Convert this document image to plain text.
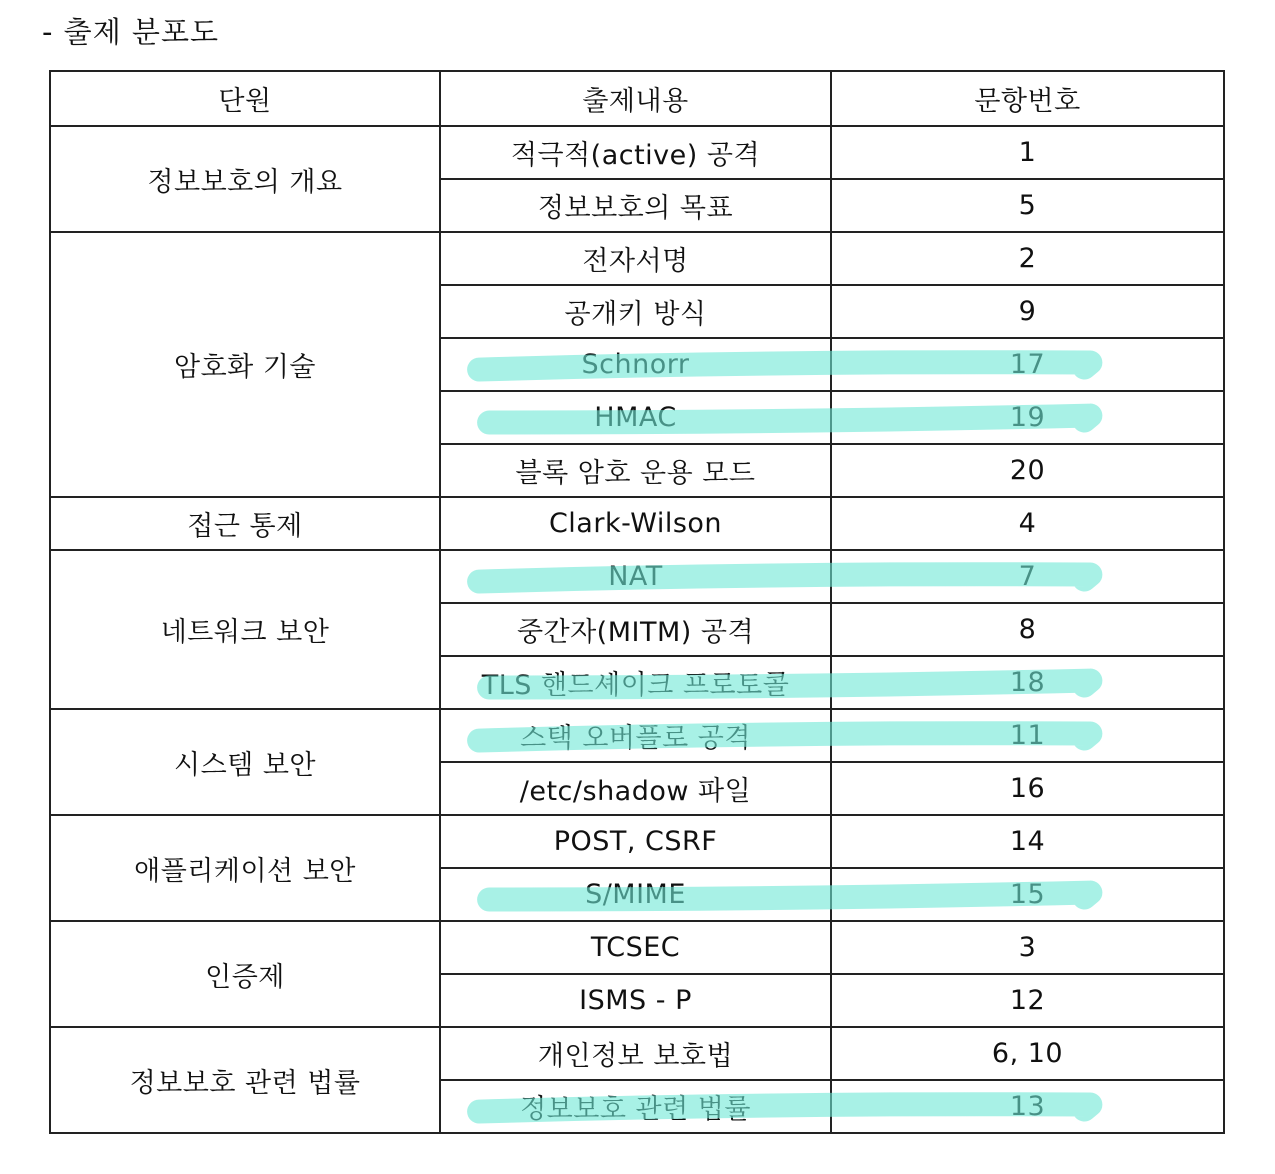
- 출제 분포도
단원	출제내용	문항번호
정보보호의 개요	적극적(active) 공격	1
	정보보호의 목표	5
암호화 기술	전자서명	2
	공개키 방식	9
	Schnorr	17
	HMAC	19
	블록 암호 운용 모드	20
접근 통제	Clark-Wilson	4
네트워크 보안	NAT	7
	중간자(MITM) 공격	8
	TLS 핸드셰이크 프로토콜	18
시스템 보안	스택 오버플로 공격	11
	/etc/shadow 파일	16
애플리케이션 보안	POST, CSRF	14
	S/MIME	15
인증제	TCSEC	3
	ISMS - P	12
정보보호 관련 법률	개인정보 보호법	6, 10
	정보보호 관련 법률	13
